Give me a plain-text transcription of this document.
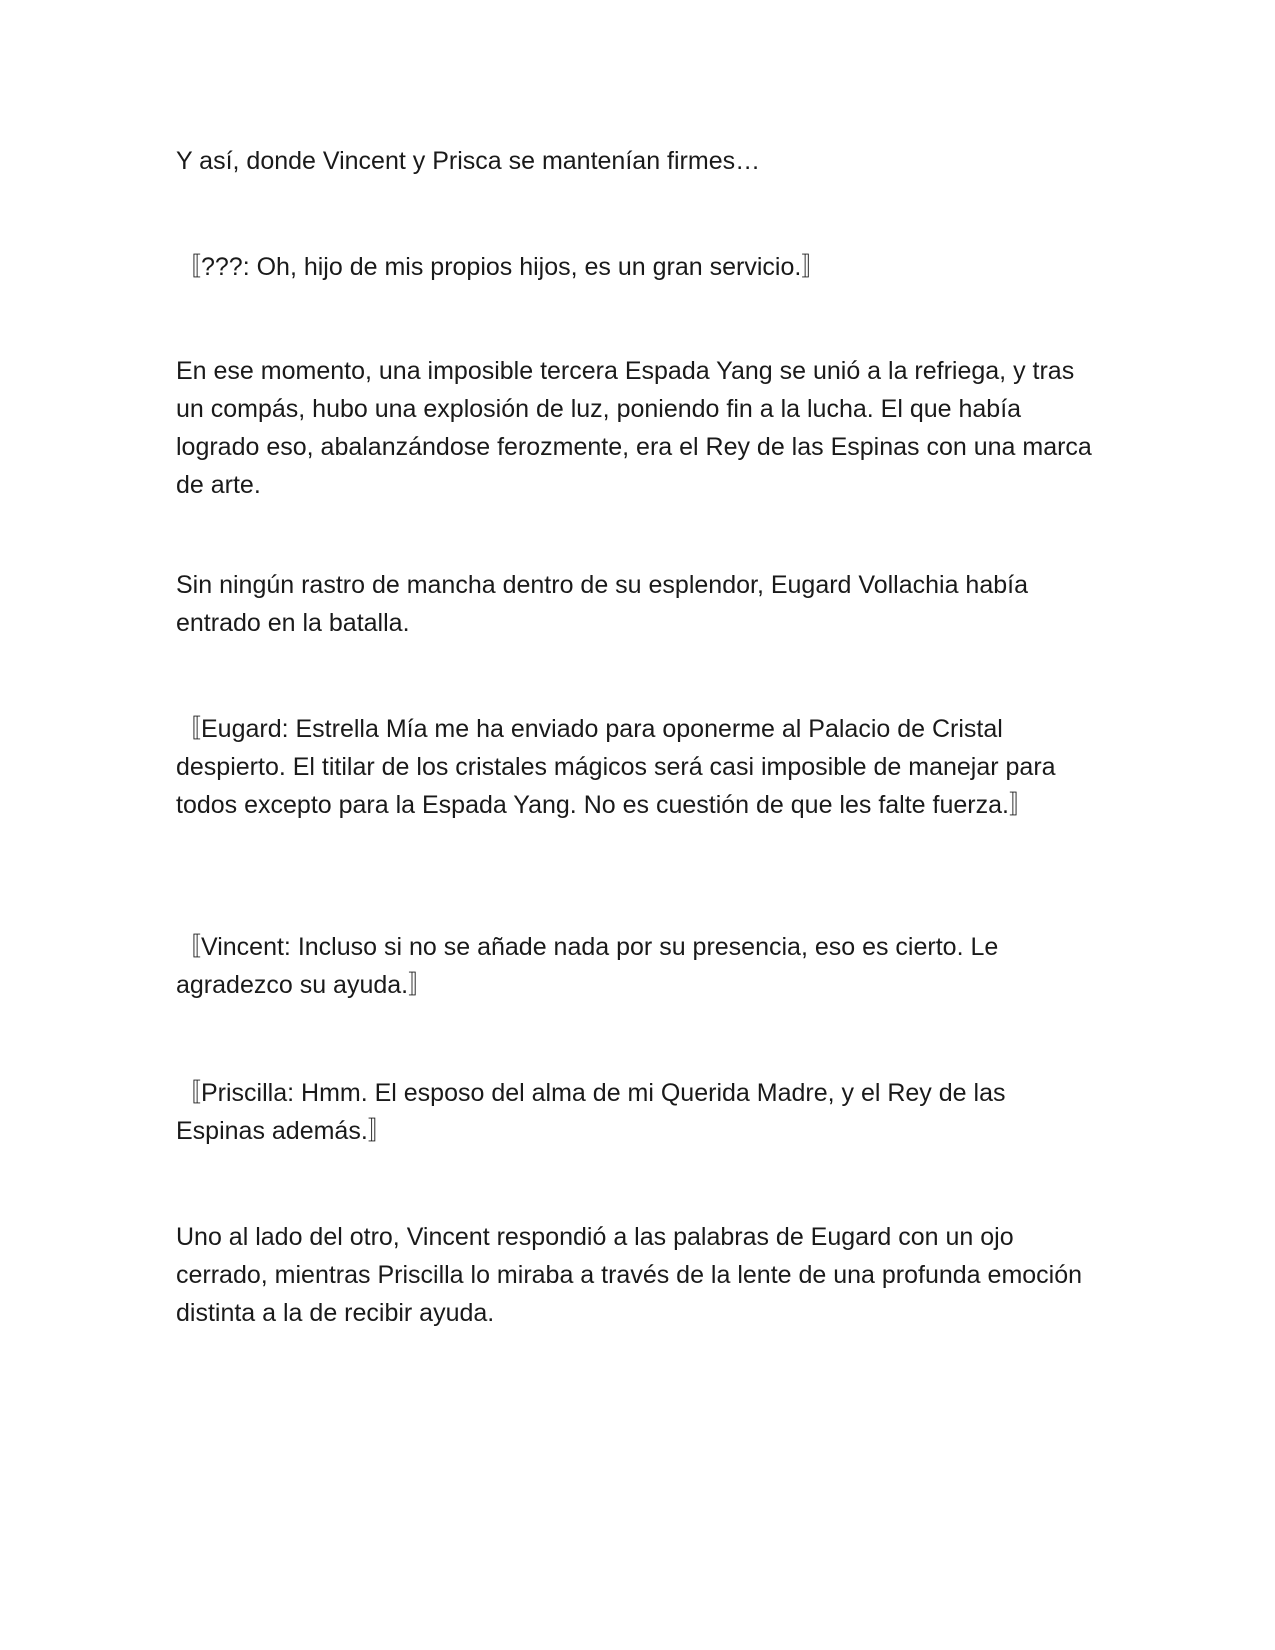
Y así, donde Vincent y Prisca se mantenían firmes…

〚???: Oh, hijo de mis propios hijos, es un gran servicio.〛

En ese momento, una imposible tercera Espada Yang se unió a la refriega, y tras un compás, hubo una explosión de luz, poniendo fin a la lucha. El que había logrado eso, abalanzándose ferozmente, era el Rey de las Espinas con una marca de arte.

Sin ningún rastro de mancha dentro de su esplendor, Eugard Vollachia había entrado en la batalla.

〚Eugard: Estrella Mía me ha enviado para oponerme al Palacio de Cristal despierto. El titilar de los cristales mágicos será casi imposible de manejar para todos excepto para la Espada Yang. No es cuestión de que les falte fuerza.〛

〚Vincent: Incluso si no se añade nada por su presencia, eso es cierto. Le agradezco su ayuda.〛

〚Priscilla: Hmm. El esposo del alma de mi Querida Madre, y el Rey de las Espinas además.〛

Uno al lado del otro, Vincent respondió a las palabras de Eugard con un ojo cerrado, mientras Priscilla lo miraba a través de la lente de una profunda emoción distinta a la de recibir ayuda.
